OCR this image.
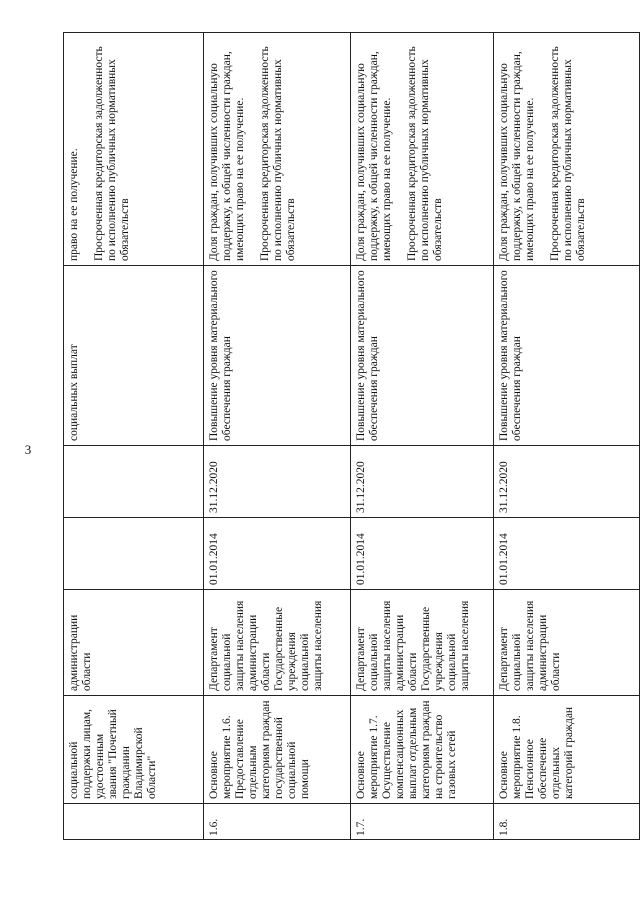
3
	социальной поддержки лицам, удостоенным звания "Почетный гражданин Владимирской области"	администрации области			социальных выплат	право на ее получение. Просроченная кредиторская задолженность по исполнению публичных нормативных обязательств

1.6.	Основное мероприятие 1.6. Предоставление отдельным категориям граждан государственной социальной помощи	Департамент социальной защиты населения администрации области Государственные учреждения социальной защиты населения	01.01.2014	31.12.2020	Повышение уровня материального обеспечения граждан	Доля граждан, получивших социальную поддержку, к общей численности граждан, имеющих право на ее получение. Просроченная кредиторская задолженность по исполнению публичных нормативных обязательств

1.7.	Основное мероприятие 1.7. Осуществление компенсационных выплат отдельным категориям граждан на строительство газовых сетей	Департамент социальной защиты населения администрации области Государственные учреждения социальной защиты населения	01.01.2014	31.12.2020	Повышение уровня материального обеспечения граждан	Доля граждан, получивших социальную поддержку, к общей численности граждан, имеющих право на ее получение. Просроченная кредиторская задолженность по исполнению публичных нормативных обязательств

1.8.	Основное мероприятие 1.8. Пенсионное обеспечение отдельных категорий граждан	Департамент социальной защиты населения администрации области	01.01.2014	31.12.2020	Повышение уровня материального обеспечения граждан	Доля граждан, получивших социальную поддержку, к общей численности граждан, имеющих право на ее получение. Просроченная кредиторская задолженность по исполнению публичных нормативных обязательств
